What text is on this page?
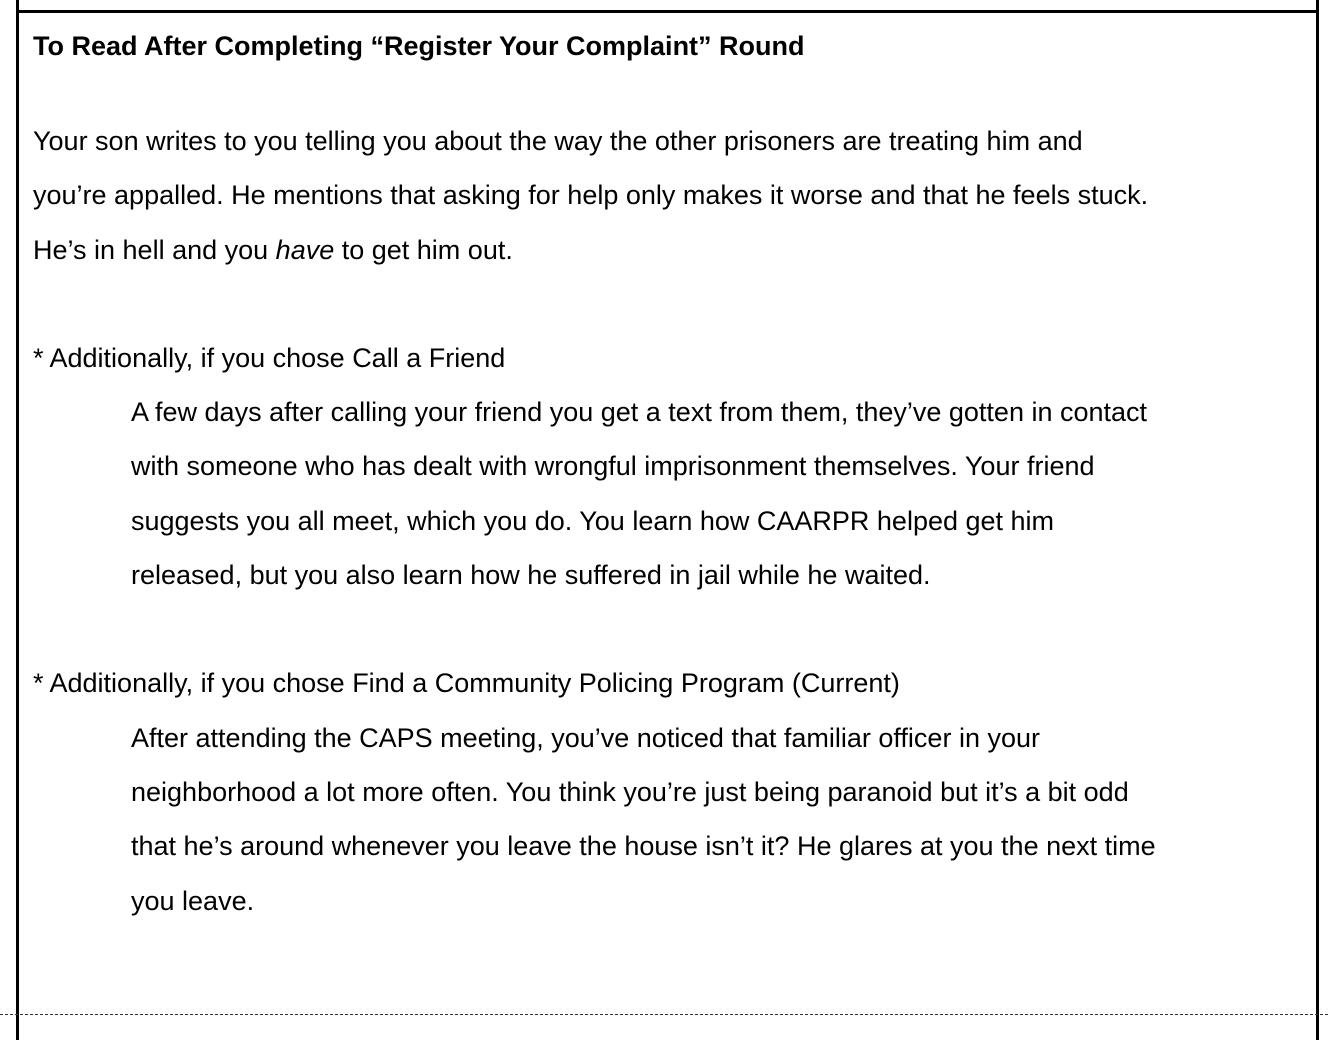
To Read After Completing “Register Your Complaint” Round
Your son writes to you telling you about the way the other prisoners are treating him and
you’re appalled. He mentions that asking for help only makes it worse and that he feels stuck.
He’s in hell and you have to get him out.
* Additionally, if you chose Call a Friend
A few days after calling your friend you get a text from them, they’ve gotten in contact
with someone who has dealt with wrongful imprisonment themselves. Your friend
suggests you all meet, which you do. You learn how CAARPR helped get him
released, but you also learn how he suffered in jail while he waited.
* Additionally, if you chose Find a Community Policing Program (Current)
After attending the CAPS meeting, you’ve noticed that familiar officer in your
neighborhood a lot more often. You think you’re just being paranoid but it’s a bit odd
that he’s around whenever you leave the house isn’t it? He glares at you the next time
you leave.
